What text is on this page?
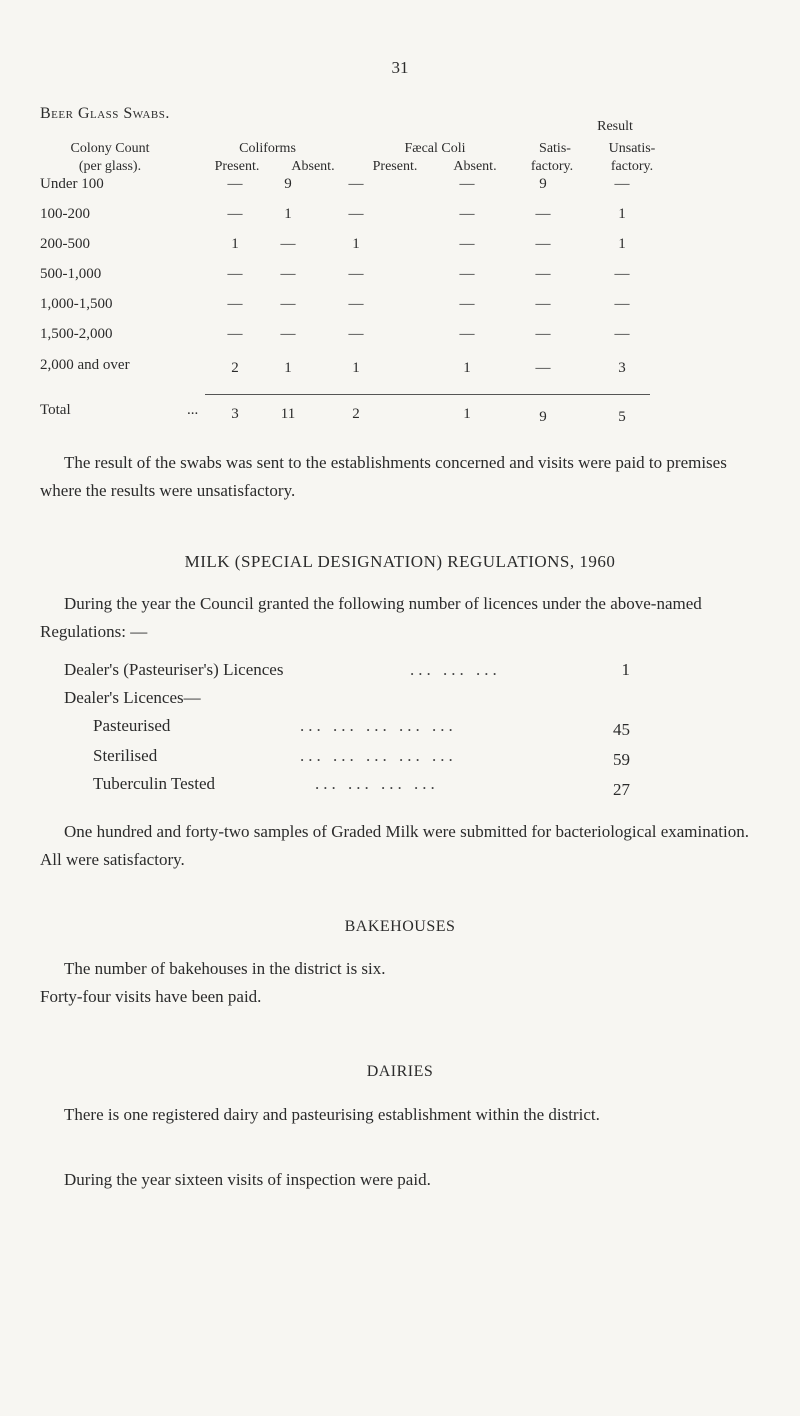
31
Beer Glass Swabs.
Result
Colony Count	Coliforms	Fæcal Coli	Satis-	Unsatis-
(per glass).	Present.	Absent.	Present.	Absent.	factory.	factory.
Under 100	—	9	—	—	9	—
100-200	—	1	—	—	—	1
200-500	1	—	1	—	—	1
500-1,000	—	—	—	—	—	—
1,000-1,500	—	—	—	—	—	—
1,500-2,000	—	—	—	—	—	—
2,000 and over	2	1	1	1	—	3
Total	...	3	11	2	1	9	5
The result of the swabs was sent to the establishments concerned and visits were paid to premises where the results were unsatisfactory.
MILK (SPECIAL DESIGNATION) REGULATIONS, 1960
During the year the Council granted the following number of licences under the above-named Regulations: —
Dealer's (Pasteuriser's) Licences	... ... ...	1
Dealer's Licences—
Pasteurised	... ... ... ... ...	45
Sterilised	... ... ... ... ...	59
Tuberculin Tested	... ... ... ...	27
One hundred and forty-two samples of Graded Milk were submitted for bacteriological examination. All were satisfactory.
BAKEHOUSES
The number of bakehouses in the district is six.
Forty-four visits have been paid.
DAIRIES
There is one registered dairy and pasteurising establishment within the district.
During the year sixteen visits of inspection were paid.
